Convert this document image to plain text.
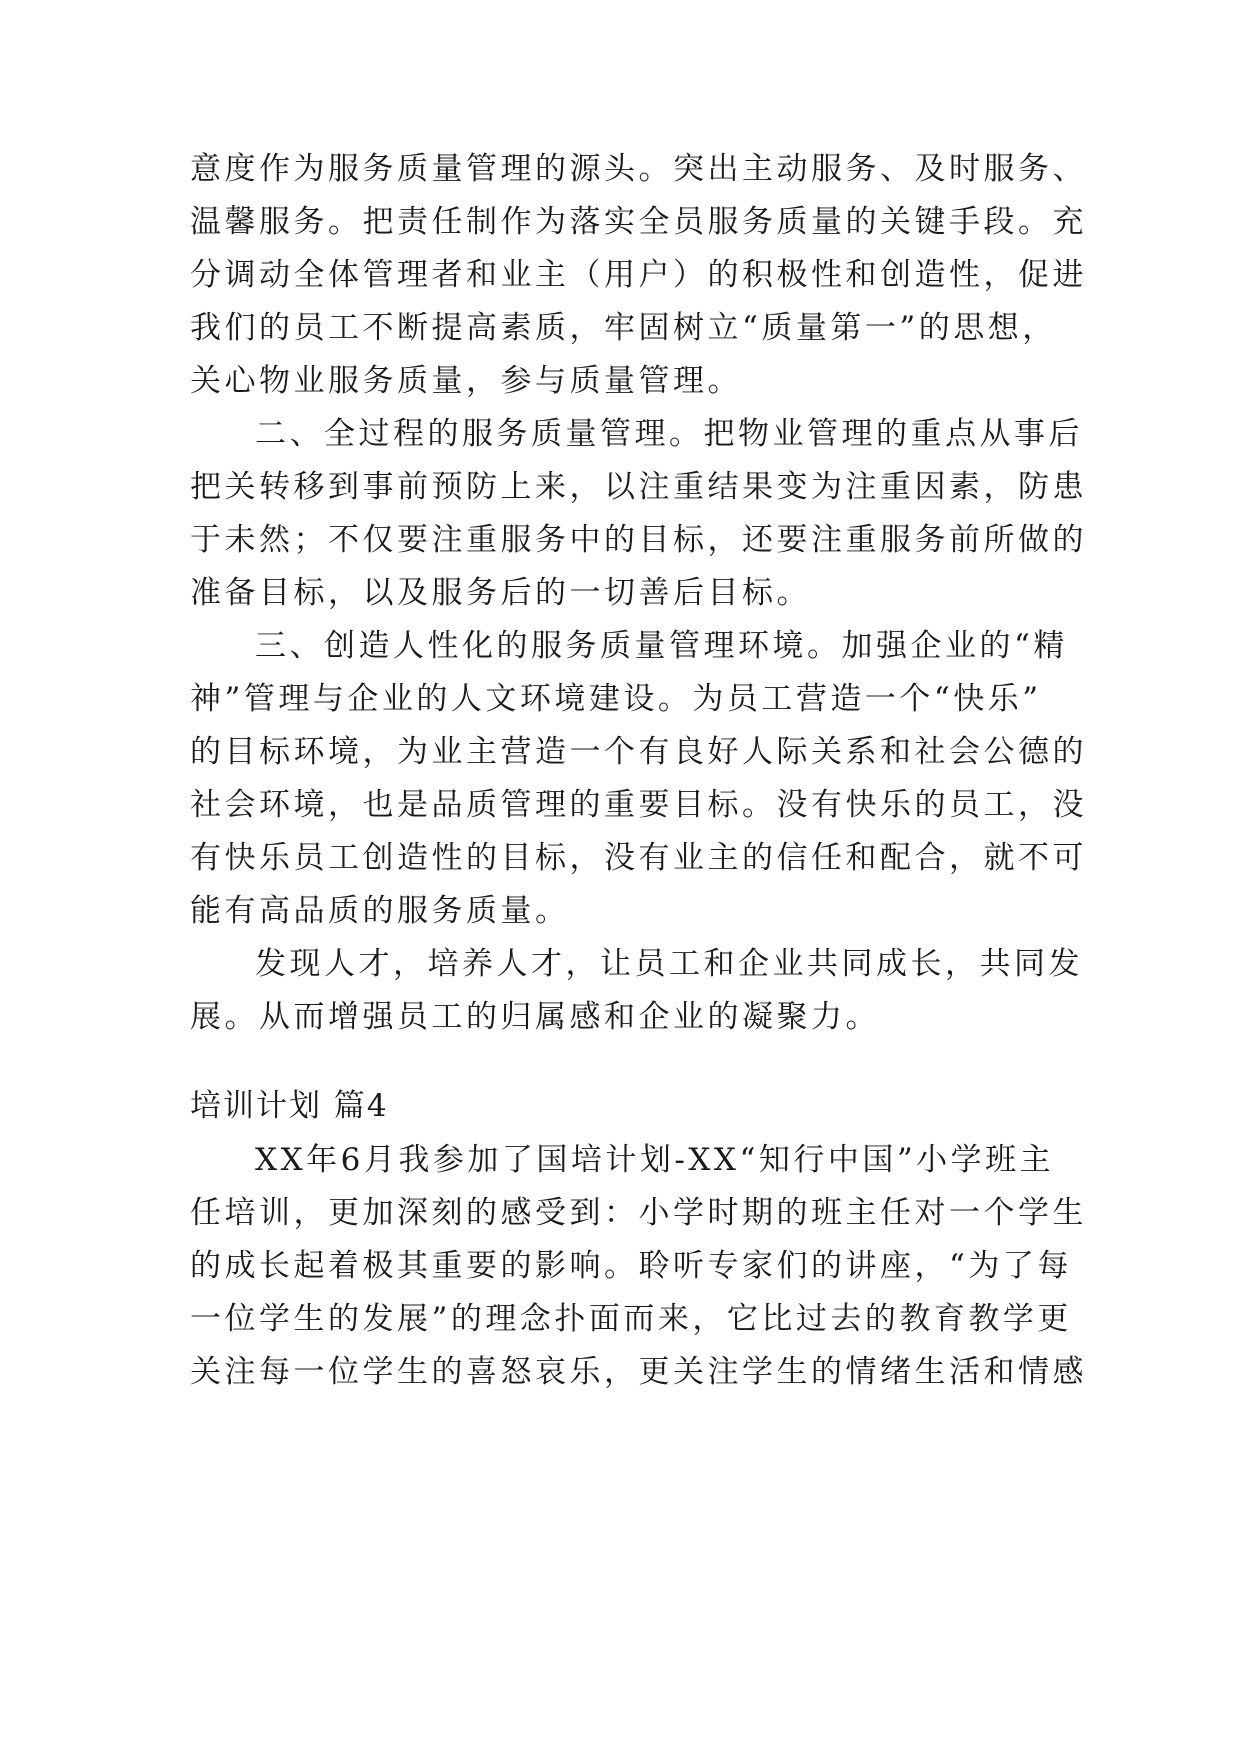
意度作为服务质量管理的源头。突出主动服务、及时服务、
温馨服务。把责任制作为落实全员服务质量的关键手段。充
分调动全体管理者和业主（用户）的积极性和创造性，促进
我们的员工不断提高素质，牢固树立“质量第一”的思想，
关心物业服务质量，参与质量管理。
二、全过程的服务质量管理。把物业管理的重点从事后
把关转移到事前预防上来，以注重结果变为注重因素，防患
于未然；不仅要注重服务中的目标，还要注重服务前所做的
准备目标，以及服务后的一切善后目标。
三、创造人性化的服务质量管理环境。加强企业的“精
神”管理与企业的人文环境建设。为员工营造一个“快乐”
的目标环境，为业主营造一个有良好人际关系和社会公德的
社会环境，也是品质管理的重要目标。没有快乐的员工，没
有快乐员工创造性的目标，没有业主的信任和配合，就不可
能有高品质的服务质量。
发现人才，培养人才，让员工和企业共同成长，共同发
展。从而增强员工的归属感和企业的凝聚力。
培训计划 篇4
XX年6月我参加了国培计划-XX“知行中国”小学班主
任培训，更加深刻的感受到：小学时期的班主任对一个学生
的成长起着极其重要的影响。聆听专家们的讲座，“为了每
一位学生的发展”的理念扑面而来，它比过去的教育教学更
关注每一位学生的喜怒哀乐，更关注学生的情绪生活和情感
